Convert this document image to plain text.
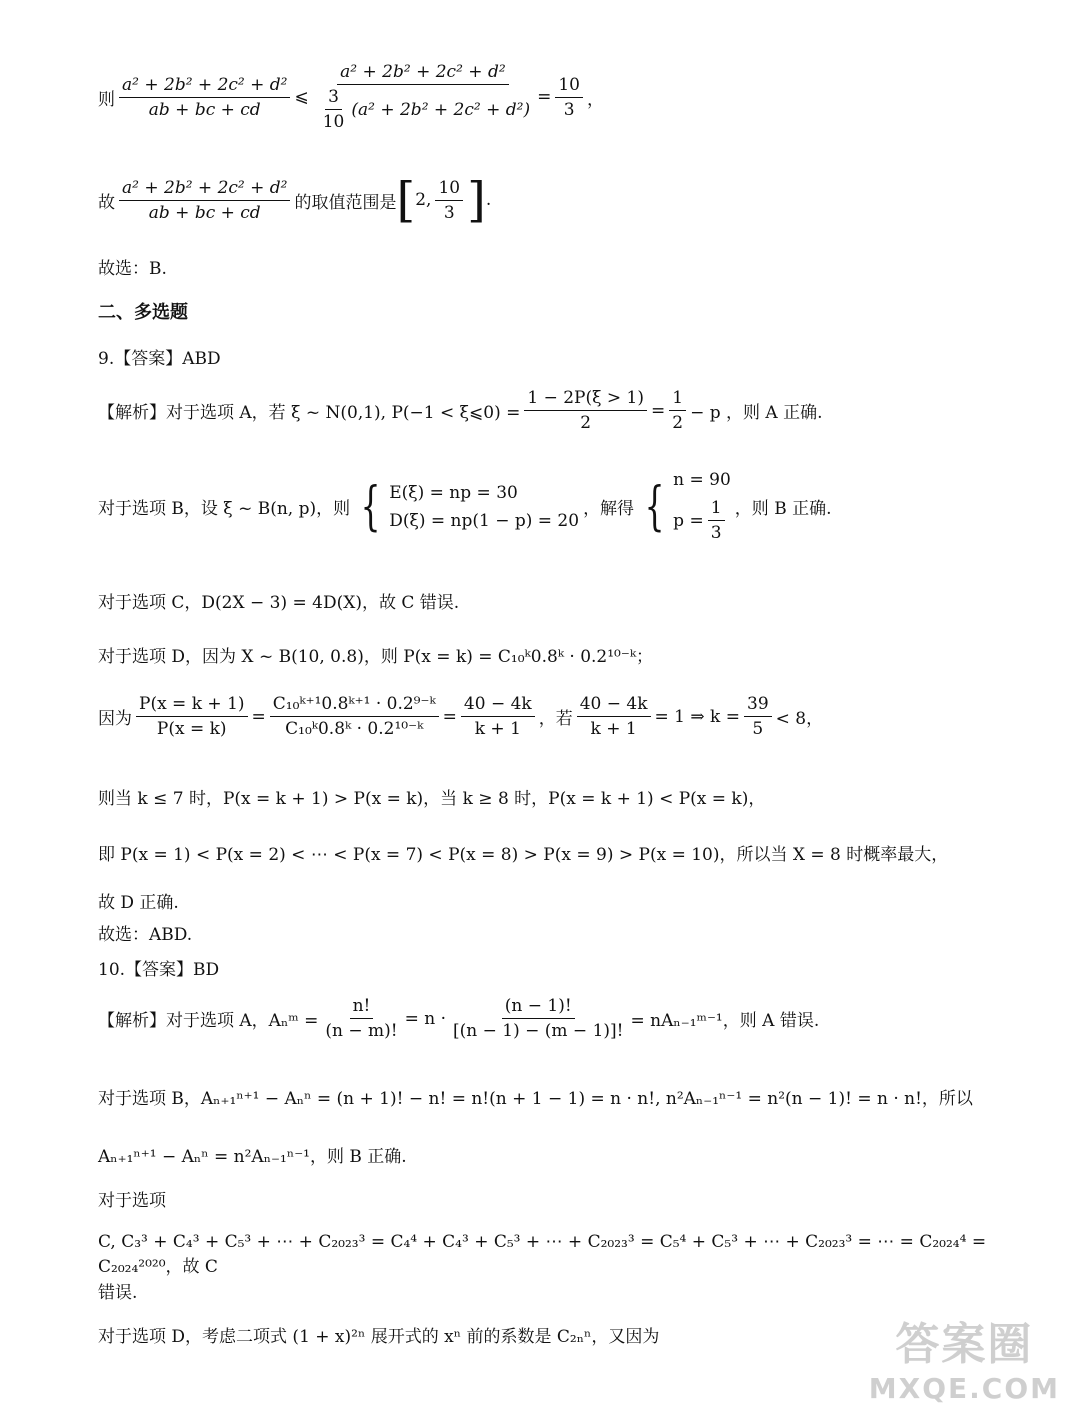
则 $\frac{\text{a² + 2b² + 2c² + d²}}{ab + bc + cd}$ ⩽ $\frac{\text{a² + 2b² + 2c² + d²}}{\frac{3}{10} (a^2 + 2b^2 + 2c^2 + d^2)} = \frac{10}{3}$ ，
故 $\frac{\text{a² + 2b² + 2c² + d²}}{ab + bc + cd}$ 的取值范围是 [ 2, $\frac{10}{3}$ ] .
故选：B.
二、多选题
9.【答案】ABD
【解析】对于选项 A，若 ξ ~ N(0,1), P(−1 < ξ⩽0) = $\frac{1 - 2P(\xi > 1)}{2} = \frac{1}{2} - p$ ，则 A 正确.
对于选项 B，设 ξ ~ B(n, p)，则 { E(ξ) = np = 30
D(ξ) = np(1 − p) = 20
，解得 { n = 90
$p = \frac{1}{3}$ ，则 B 正确.
对于选项 C，D(2X − 3) = 4D(X)，故 C 错误.
对于选项 D，因为 X ~ B(10, 0.8)，则 P(x = k) = C₁₀ᵏ0.8ᵏ · 0.2¹⁰⁻ᵏ；
因为 $\frac{P(x = k + 1)}{P(x = k)} = \frac{\text{C₁₀ᵏ⁺¹0.8ᵏ⁺¹ · 0.2⁹⁻ᵏ}}{\text{C₁₀ᵏ0.8ᵏ · 0.2¹⁰⁻ᵏ}} = \frac{40 - 4k}{k + 1}$ ，若 $\frac{40 - 4k}{k + 1} = 1$ ⇒ $k = \frac{39}{5} < 8$，
则当 k ≤ 7 时，P(x = k + 1) > P(x = k)，当 k ≥ 8 时，P(x = k + 1) < P(x = k)，
即 P(x = 1) < P(x = 2) < ⋯ < P(x = 7) < P(x = 8) > P(x = 9) > P(x = 10)，所以当 X = 8 时概率最大，
故 D 正确.
故选：ABD.
10.【答案】BD
【解析】对于选项 A，Aₙᵐ = $\frac{n!}{(n - m)!} = n \cdot \frac{(n - 1)!}{[(n - 1) - (m - 1)]!}$ = nAₙ₋₁ᵐ⁻¹，则 A 错误.
对于选项 B，Aₙ₊₁ⁿ⁺¹ − Aₙⁿ = (n + 1)! − n! = n!(n + 1 − 1) = n · n!, n²Aₙ₋₁ⁿ⁻¹ = n²(n − 1)! = n · n!，所以
Aₙ₊₁ⁿ⁺¹ − Aₙⁿ = n²Aₙ₋₁ⁿ⁻¹，则 B 正确.
对于选项
C, C₃³ + C₄³ + C₅³ + ⋯ + C₂₀₂₃³ = C₄⁴ + C₄³ + C₅³ + ⋯ + C₂₀₂₃³ = C₅⁴ + C₅³ + ⋯ + C₂₀₂₃³ = ⋯ = C₂₀₂₄⁴ = C₂₀₂₄²⁰²⁰，故 C
错误.
对于选项 D，考虑二项式 (1 + x)²ⁿ 展开式的 xⁿ 前的系数是 C₂ₙⁿ，又因为	答案圈
MXQE.COM
